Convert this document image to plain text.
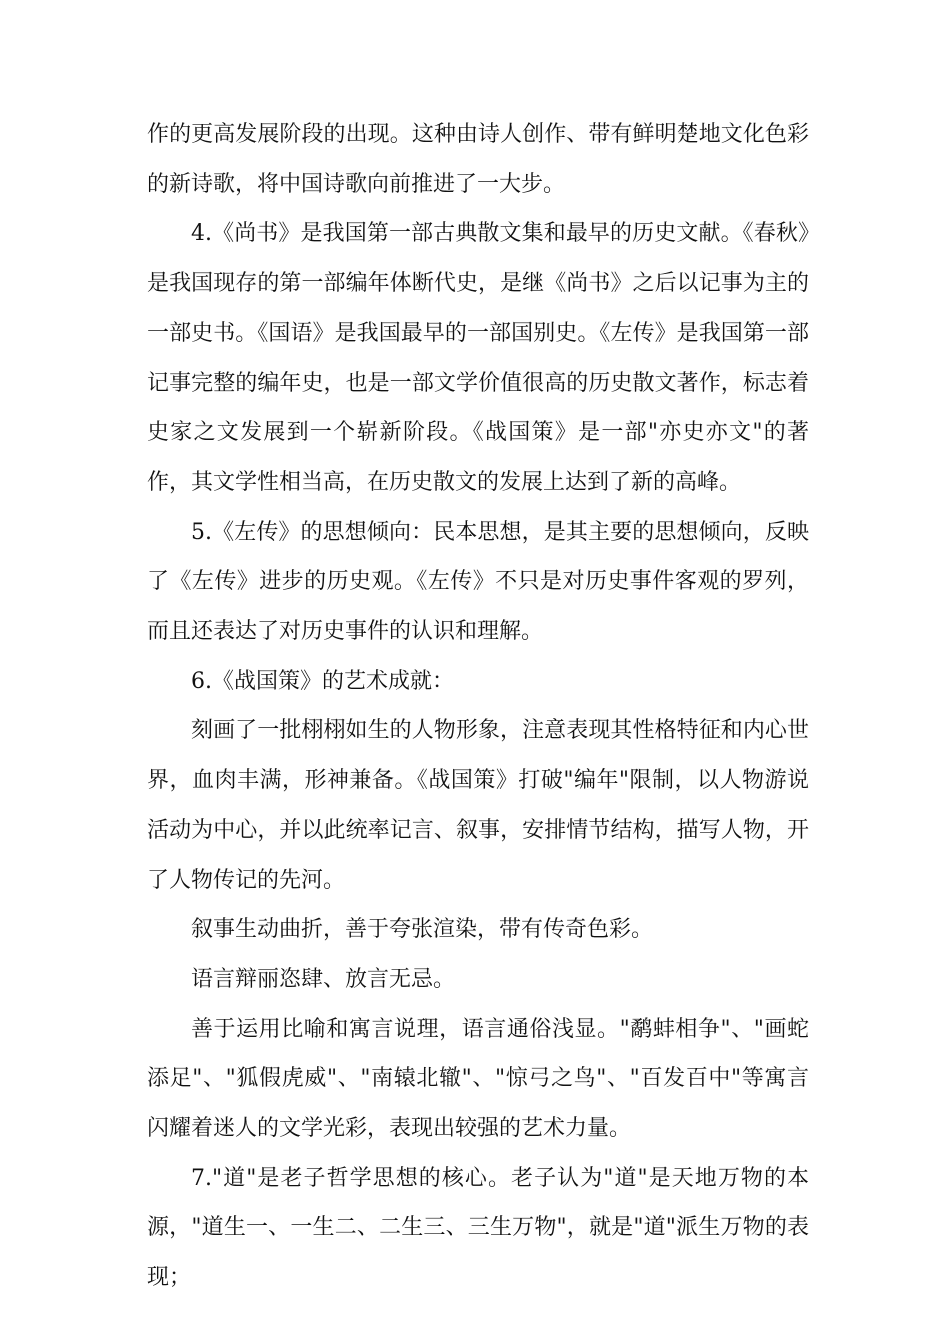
作的更高发展阶段的出现。这种由诗人创作、带有鲜明楚地文化色彩的新诗歌，将中国诗歌向前推进了一大步。

4.《尚书》是我国第一部古典散文集和最早的历史文献。《春秋》是我国现存的第一部编年体断代史，是继《尚书》之后以记事为主的一部史书。《国语》是我国最早的一部国别史。《左传》是我国第一部记事完整的编年史，也是一部文学价值很高的历史散文著作，标志着史家之文发展到一个崭新阶段。《战国策》是一部"亦史亦文"的著作，其文学性相当高，在历史散文的发展上达到了新的高峰。

5.《左传》的思想倾向：民本思想，是其主要的思想倾向，反映了《左传》进步的历史观。《左传》不只是对历史事件客观的罗列，而且还表达了对历史事件的认识和理解。

6.《战国策》的艺术成就：

刻画了一批栩栩如生的人物形象，注意表现其性格特征和内心世界，血肉丰满，形神兼备。《战国策》打破"编年"限制，以人物游说活动为中心，并以此统率记言、叙事，安排情节结构，描写人物，开了人物传记的先河。

叙事生动曲折，善于夸张渲染，带有传奇色彩。

语言辩丽恣肆、放言无忌。

善于运用比喻和寓言说理，语言通俗浅显。"鹬蚌相争"、"画蛇添足"、"狐假虎威"、"南辕北辙"、"惊弓之鸟"、"百发百中"等寓言闪耀着迷人的文学光彩，表现出较强的艺术力量。

7."道"是老子哲学思想的核心。老子认为"道"是天地万物的本源，"道生一、一生二、二生三、三生万物"，就是"道"派生万物的表现；
